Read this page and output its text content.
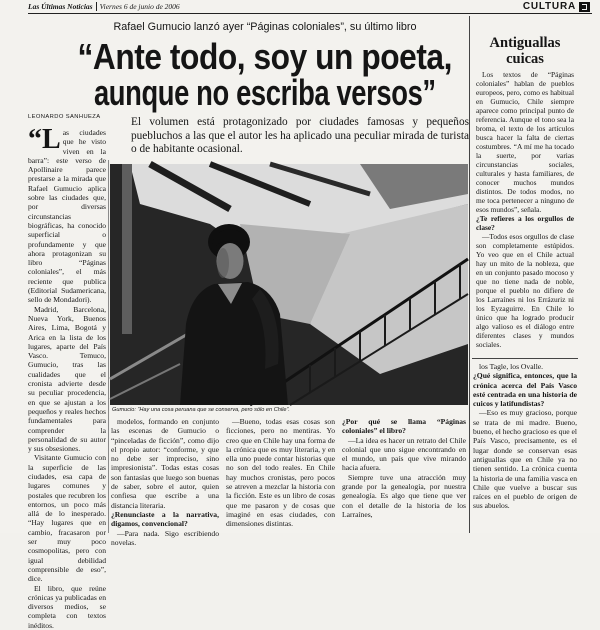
Las Últimas Noticias Viernes 6 de junio de 2006	CULTURA
Rafael Gumucio lanzó ayer “Páginas coloniales”, su último libro
“Ante todo, soy un poeta,
aunque no escriba versos”
LEONARDO SANHUEZA	El volumen está protagonizado por ciudades famosas y pequeños puebluchos a las que el autor les ha aplicado una peculiar mirada de turista o de habitante ocasional.

“Las ciudades que he visto viven en la barra”: este verso de Apollinaire parece prestarse a la mirada que Rafael Gumucio aplica sobre las ciudades que, por diversas circunstancias biográficas, ha conocido superficial o profundamente y que ahora protagonizan su libro “Páginas coloniales”, el más reciente que publica (Editorial Sudamericana, sello de Mondadori).

Madrid, Barcelona, Nueva York, Buenos Aires, Lima, Bogotá y Arica en la lista de los lugares, aparte del País Vasco. Temuco, Gumucio, tras las cualidades que el cronista advierte desde su peculiar procedencia, en que se ajustan a los pequeños y reales hechos fundamentales para comprender la personalidad de su autor y sus obsesiones.

Visitante Gumucio con la superficie de las ciudades, esa capa de lugares comunes y postales que recubren los entornos, un poco más allá de lo inesperado. “Hay lugares que en cambio, fracasaron por ser muy poco cosmopolitas, pero con igual debilidad comprensible de eso”, dice.

El libro, que reúne crónicas ya publicadas en diversos medios, se completa con textos inéditos.

Gumucio: “Hay una cosa peruana que se conserva, pero sólo en Chile”.

modelos, formando en conjunto las escenas de Gumucio o “pinceladas de ficción”, como dijo el propio autor: “conforme, y que no debe ser impreciso, sino impresionista”. Todas estas cosas son fantasías que luego son buenas de saber, sobre el autor, quien confiesa que escribe a una distancia literaria.

¿Renunciaste a la narrativa, digamos, convencional?

—Para nada. Sigo escribiendo novelas.

—Bueno, todas esas cosas son ficciones, pero no mentiras. Yo creo que en Chile hay una forma de la crónica que es muy literaria, y en ella uno puede contar historias que no son del todo reales. En Chile hay muchos cronistas, pero pocos se atreven a mezclar la historia con la ficción. Este es un libro de cosas que me pasaron y de cosas que imaginé en esas ciudades, con dimensiones distintas.

¿Por qué se llama “Páginas coloniales” el libro?

—La idea es hacer un retrato del Chile colonial que uno sigue encontrando en el mundo, un país que vive mirando hacia afuera.

Siempre tuve una atracción muy grande por la genealogía, por nuestra genealogía. Es algo que tiene que ver con el detalle de la historia de los Larraínes,

Antiguallas
cuicas

Los textos de “Páginas coloniales” hablan de pueblos europeos, pero, como es habitual en Gumucio, Chile siempre aparece como principal punto de referencia. Aunque el tono sea la broma, el texto de los artículos busca hacer la falta de ciertas costumbres. “A mí me ha tocado la suerte, por varias circunstancias sociales, culturales y hasta familiares, de conocer muchos mundos distintos. De todos modos, no me toca pertenecer a ninguno de esos mundos”, señala.

¿Te refieres a los orgullos de clase?

—Todos esos orgullos de clase son completamente estúpidos. Yo veo que en el Chile actual hay un mito de la nobleza, que en un conjunto pasado mocoso y que no tiene nada de noble, porque el pueblo no difiere de los Larraínes ni los Errázuriz ni los Eyzaguirre. En Chile lo único que ha logrado producir algo valioso es el diálogo entre diferentes clases y mundos sociales.

los Tagle, los Ovalle.

¿Qué significa, entonces, que la crónica acerca del País Vasco esté centrada en una historia de cuicos y latifundistas?

—Eso es muy gracioso, porque se trata de mi madre. Bueno, bueno, el hecho gracioso es que el País Vasco, precisamente, es el lugar donde se conservan esas antiguallas que en Chile ya no tienen sentido. La crónica cuenta la historia de una familia vasca en Chile que vuelve a buscar sus raíces en el pueblo de origen de sus abuelos.
